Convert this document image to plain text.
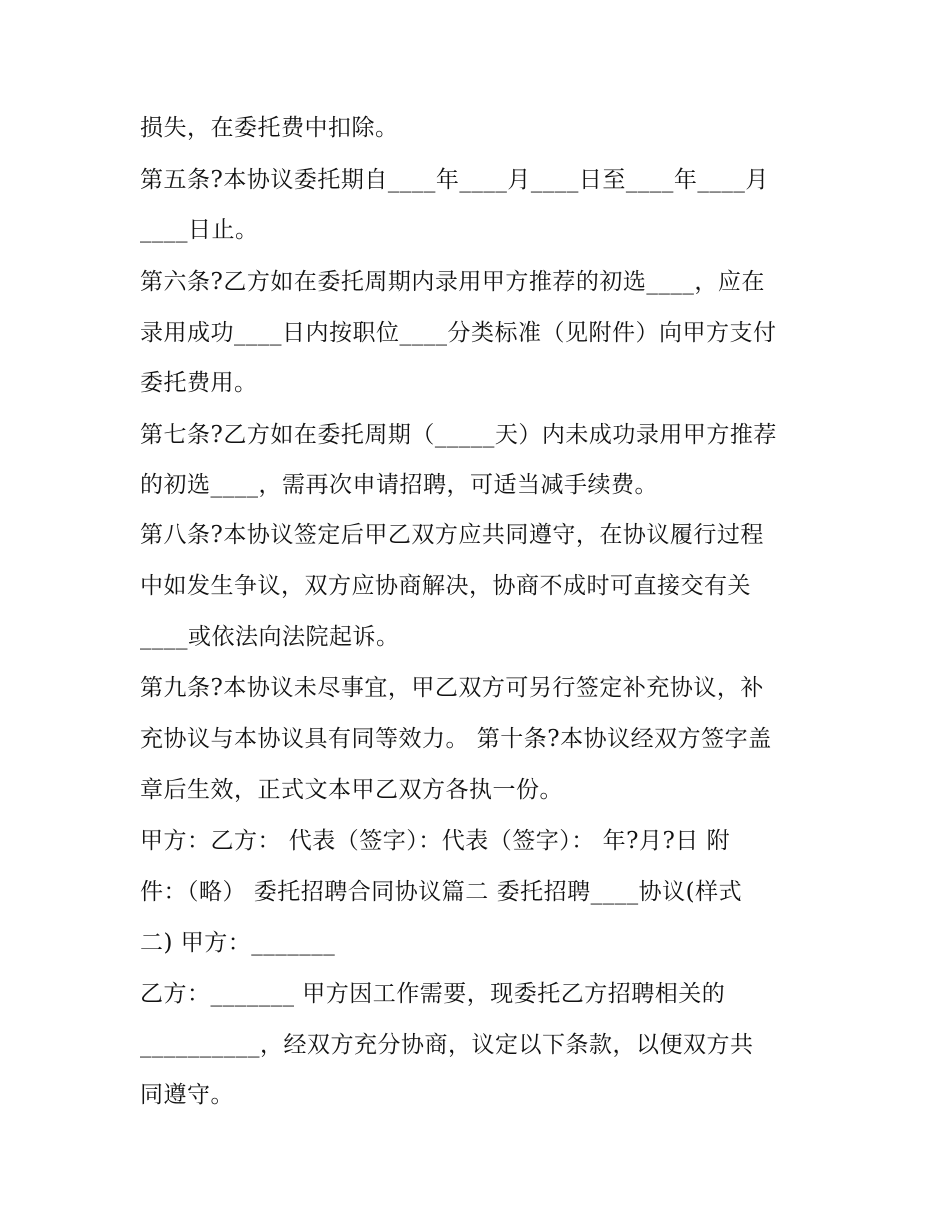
损失，在委托费中扣除。
第五条?本协议委托期自____年____月____日至____年____月
____日止。
第六条?乙方如在委托周期内录用甲方推荐的初选____，应在
录用成功____日内按职位____分类标准（见附件）向甲方支付
委托费用。
第七条?乙方如在委托周期（_____天）内未成功录用甲方推荐
的初选____，需再次申请招聘，可适当减手续费。
第八条?本协议签定后甲乙双方应共同遵守，在协议履行过程
中如发生争议，双方应协商解决，协商不成时可直接交有关
____或依法向法院起诉。
第九条?本协议未尽事宜，甲乙双方可另行签定补充协议，补
充协议与本协议具有同等效力。 第十条?本协议经双方签字盖
章后生效，正式文本甲乙双方各执一份。
甲方：乙方： 代表（签字）：代表（签字）： 年?月?日 附
件：（略） 委托招聘合同协议篇二 委托招聘____协议(样式
二) 甲方：_______
乙方：_______ 甲方因工作需要，现委托乙方招聘相关的
__________，经双方充分协商，议定以下条款，以便双方共
同遵守。
